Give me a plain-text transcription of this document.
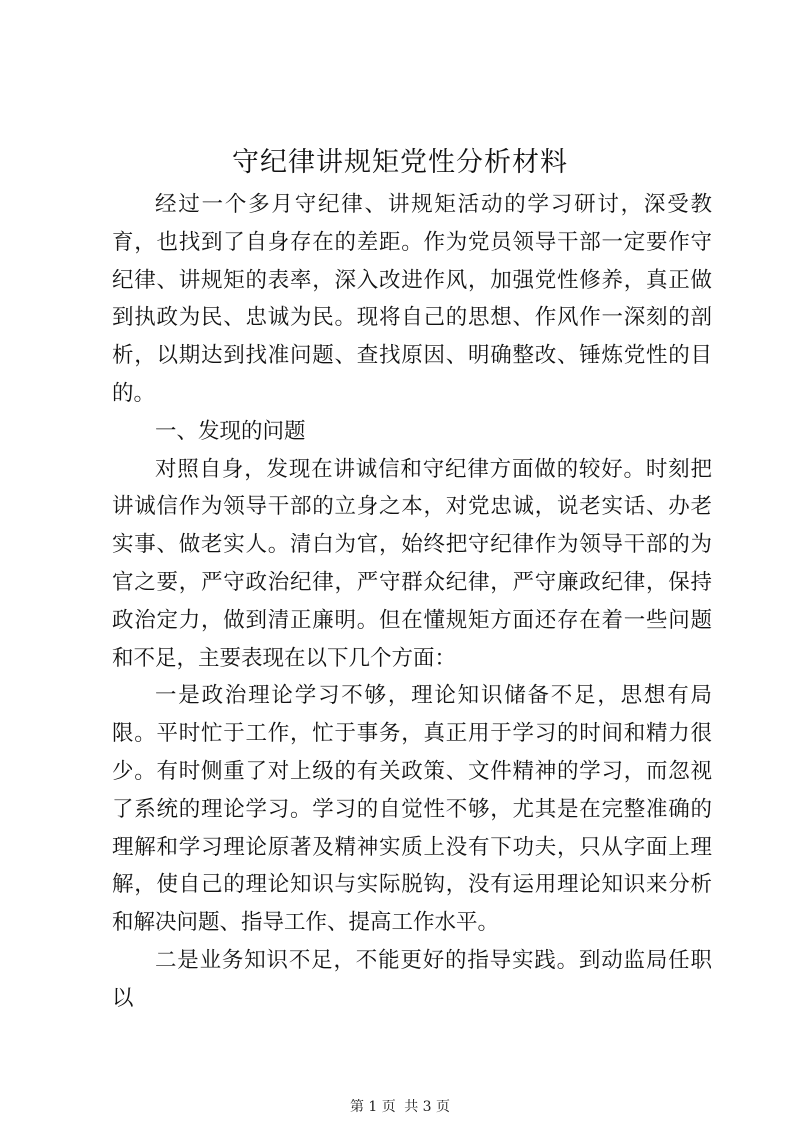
守纪律讲规矩党性分析材料

经过一个多月守纪律、讲规矩活动的学习研讨，深受教育，也找到了自身存在的差距。作为党员领导干部一定要作守纪律、讲规矩的表率，深入改进作风，加强党性修养，真正做到执政为民、忠诚为民。现将自己的思想、作风作一深刻的剖析，以期达到找准问题、查找原因、明确整改、锤炼党性的目的。

一、发现的问题

对照自身，发现在讲诚信和守纪律方面做的较好。时刻把讲诚信作为领导干部的立身之本，对党忠诚，说老实话、办老实事、做老实人。清白为官，始终把守纪律作为领导干部的为官之要，严守政治纪律，严守群众纪律，严守廉政纪律，保持政治定力，做到清正廉明。但在懂规矩方面还存在着一些问题和不足，主要表现在以下几个方面：

一是政治理论学习不够，理论知识储备不足，思想有局限。平时忙于工作，忙于事务，真正用于学习的时间和精力很少。有时侧重了对上级的有关政策、文件精神的学习，而忽视了系统的理论学习。学习的自觉性不够，尤其是在完整准确的理解和学习理论原著及精神实质上没有下功夫，只从字面上理解，使自己的理论知识与实际脱钩，没有运用理论知识来分析和解决问题、指导工作、提高工作水平。

二是业务知识不足，不能更好的指导实践。到动监局任职以

第 1 页 共 3 页
